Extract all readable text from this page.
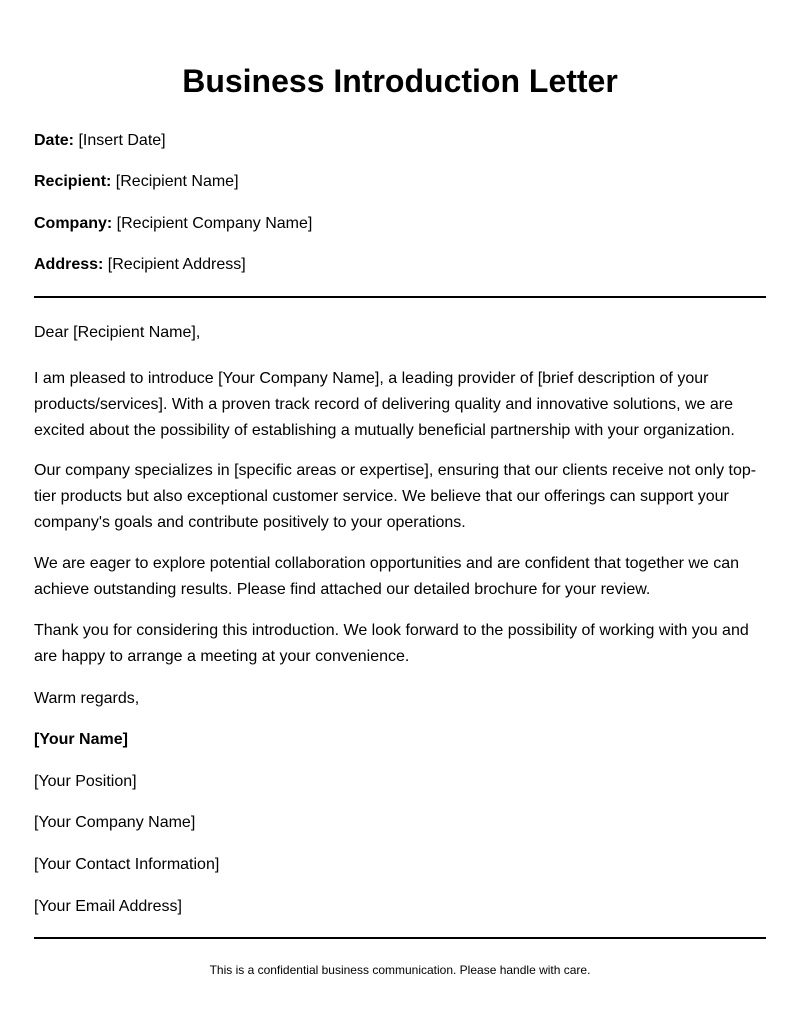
Business Introduction Letter
Date: [Insert Date]
Recipient: [Recipient Name]
Company: [Recipient Company Name]
Address: [Recipient Address]

Dear [Recipient Name],

I am pleased to introduce [Your Company Name], a leading provider of [brief description of your products/services]. With a proven track record of delivering quality and innovative solutions, we are excited about the possibility of establishing a mutually beneficial partnership with your organization.

Our company specializes in [specific areas or expertise], ensuring that our clients receive not only top-tier products but also exceptional customer service. We believe that our offerings can support your company's goals and contribute positively to your operations.

We are eager to explore potential collaboration opportunities and are confident that together we can achieve outstanding results. Please find attached our detailed brochure for your review.

Thank you for considering this introduction. We look forward to the possibility of working with you and are happy to arrange a meeting at your convenience.

Warm regards,

[Your Name]

[Your Position]

[Your Company Name]

[Your Contact Information]

[Your Email Address]

This is a confidential business communication. Please handle with care.
